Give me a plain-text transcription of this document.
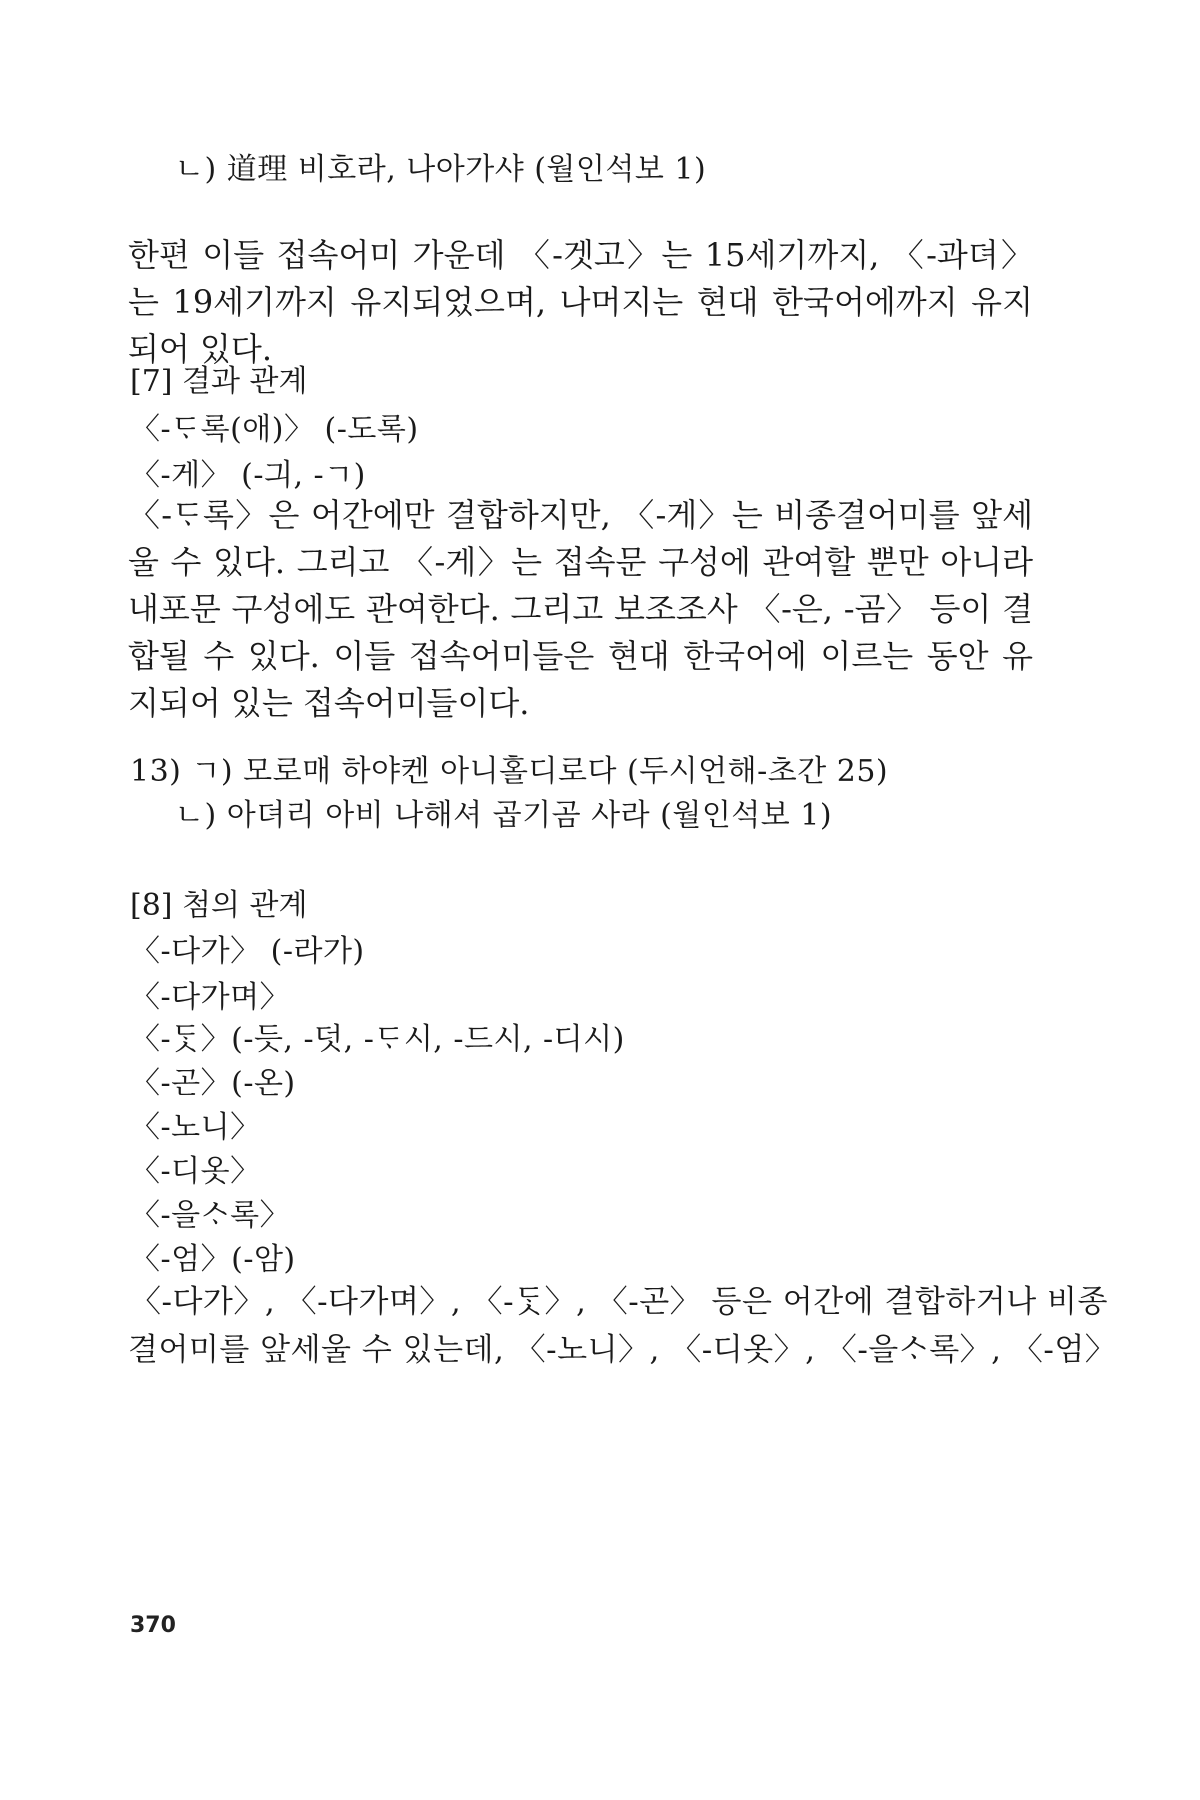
ㄴ) 道理 비호라, 나아가샤 (월인석보 1)
한편 이들 접속어미 가운데 〈-겟고〉는 15세기까지, 〈-과뎌〉는 19세기까지 유지되었으며, 나머지는 현대 한국어에까지 유지되어 있다.
[7] 결과 관계
〈-ᄃᆞ록(애)〉 (-도록)
〈-게〉 (-긔, -ㄱ)
〈-ᄃᆞ록〉은 어간에만 결합하지만, 〈-게〉는 비종결어미를 앞세울 수 있다. 그리고 〈-게〉는 접속문 구성에 관여할 뿐만 아니라 내포문 구성에도 관여한다. 그리고 보조조사 〈-은, -곰〉 등이 결합될 수 있다. 이들 접속어미들은 현대 한국어에 이르는 동안 유지되어 있는 접속어미들이다.
13) ㄱ) 모로매 하야켄 아니홀디로다 (두시언해-초간 25)
ㄴ) 아뎌리 아비 나해셔 곱기곰 사라 (월인석보 1)
[8] 첨의 관계
〈-다가〉 (-라가)
〈-다가며〉
〈-ᄃᆞᆺ〉(-듯, -덧, -ᄃᆞ시, -드시, -디시)
〈-곤〉(-온)
〈-노니〉
〈-디옷〉
〈-을ᄉᆞ록〉
〈-엄〉(-암)
〈-다가〉, 〈-다가며〉, 〈-ᄃᆞᆺ〉, 〈-곤〉 등은 어간에 결합하거나 비종
결어미를 앞세울 수 있는데, 〈-노니〉, 〈-디옷〉, 〈-을ᄉᆞ록〉, 〈-엄〉
370
